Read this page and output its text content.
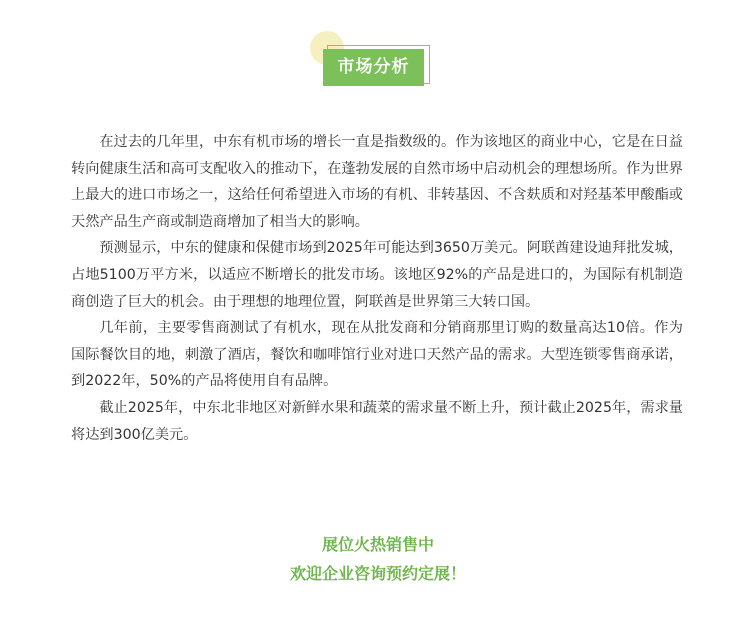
市场分析

在过去的几年里，中东有机市场的增长一直是指数级的。作为该地区的商业中心，它是在日益转向健康生活和高可支配收入的推动下，在蓬勃发展的自然市场中启动机会的理想场所。作为世界上最大的进口市场之一，这给任何希望进入市场的有机、非转基因、不含麸质和对羟基苯甲酸酯或天然产品生产商或制造商增加了相当大的影响。

预测显示，中东的健康和保健市场到2025年可能达到3650万美元。阿联酋建设迪拜批发城，占地5100万平方米，以适应不断增长的批发市场。该地区92%的产品是进口的，为国际有机制造商创造了巨大的机会。由于理想的地理位置，阿联酋是世界第三大转口国。

几年前，主要零售商测试了有机水，现在从批发商和分销商那里订购的数量高达10倍。作为国际餐饮目的地，刺激了酒店，餐饮和咖啡馆行业对进口天然产品的需求。大型连锁零售商承诺，到2022年，50%的产品将使用自有品牌。

截止2025年，中东北非地区对新鲜水果和蔬菜的需求量不断上升，预计截止2025年，需求量将达到300亿美元。

展位火热销售中
欢迎企业咨询预约定展！
